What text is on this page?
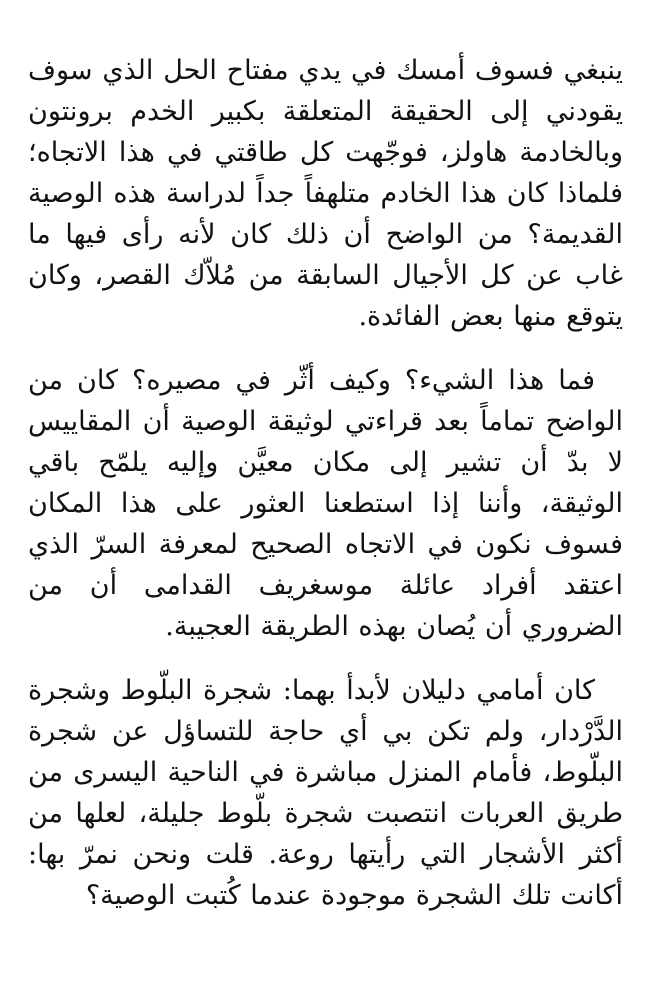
ينبغي فسوف أمسك في يدي مفتاح الحل الذي سوف يقودني إلى الحقيقة المتعلقة بكبير الخدم برونتون وبالخادمة هاولز، فوجّهت كل طاقتي في هذا الاتجاه؛ فلماذا كان هذا الخادم متلهفاً جداً لدراسة هذه الوصية القديمة؟ من الواضح أن ذلك كان لأنه رأى فيها ما غاب عن كل الأجيال السابقة من مُلاّك القصر، وكان يتوقع منها بعض الفائدة.

فما هذا الشيء؟ وكيف أثّر في مصيره؟ كان من الواضح تماماً بعد قراءتي لوثيقة الوصية أن المقاييس لا بدّ أن تشير إلى مكان معيَّن وإليه يلمّح باقي الوثيقة، وأننا إذا استطعنا العثور على هذا المكان فسوف نكون في الاتجاه الصحيح لمعرفة السرّ الذي اعتقد أفراد عائلة موسغريف القدامى أن من الضروري أن يُصان بهذه الطريقة العجيبة.

كان أمامي دليلان لأبدأ بهما: شجرة البلّوط وشجرة الدَّرْدار، ولم تكن بي أي حاجة للتساؤل عن شجرة البلّوط، فأمام المنزل مباشرة في الناحية اليسرى من طريق العربات انتصبت شجرة بلّوط جليلة، لعلها من أكثر الأشجار التي رأيتها روعة. قلت ونحن نمرّ بها: أكانت تلك الشجرة موجودة عندما كُتبت الوصية؟
